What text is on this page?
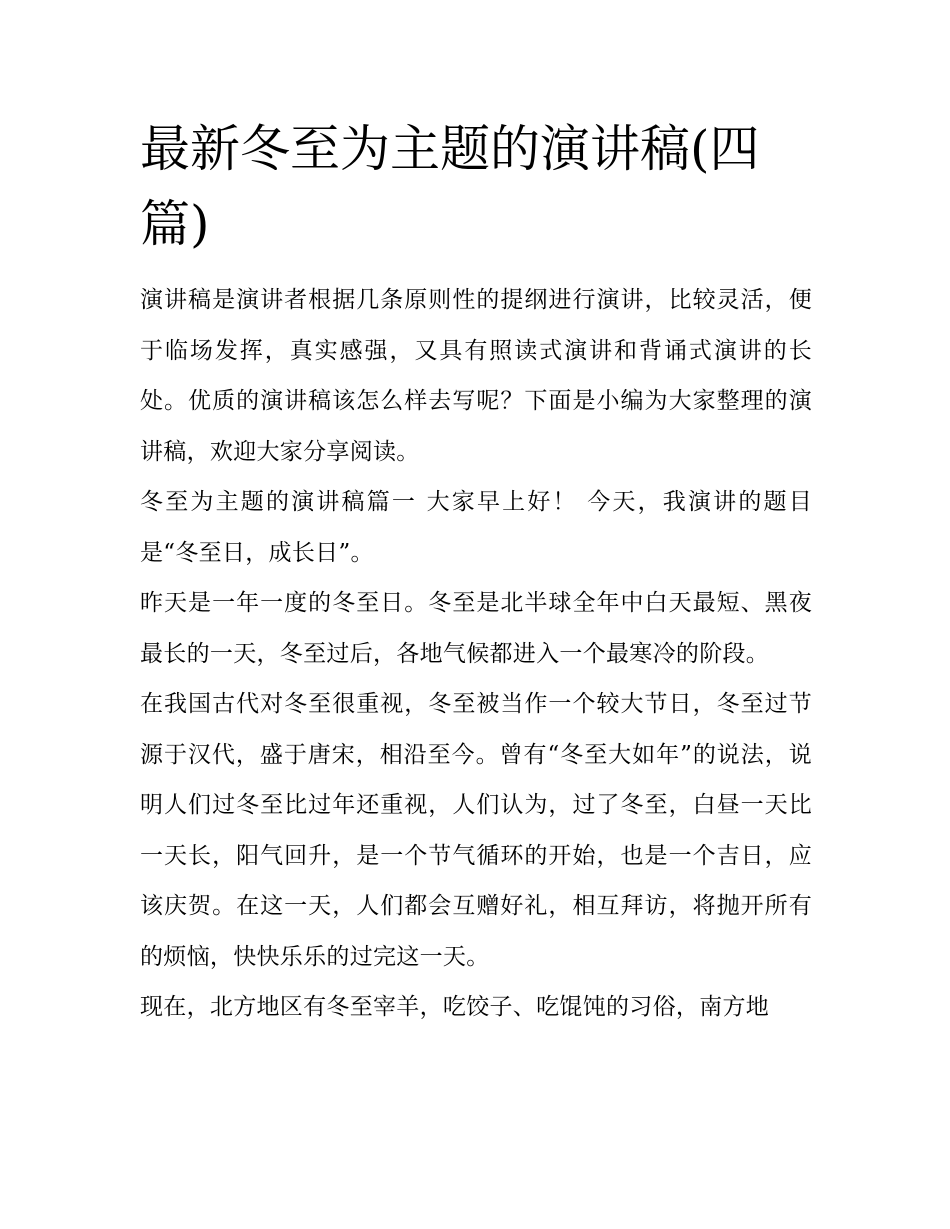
最新冬至为主题的演讲稿(四篇)

演讲稿是演讲者根据几条原则性的提纲进行演讲，比较灵活，便于临场发挥，真实感强，又具有照读式演讲和背诵式演讲的长处。优质的演讲稿该怎么样去写呢？下面是小编为大家整理的演讲稿，欢迎大家分享阅读。

冬至为主题的演讲稿篇一 大家早上好！ 今天，我演讲的题目是“冬至日，成长日”。

昨天是一年一度的冬至日。冬至是北半球全年中白天最短、黑夜最长的一天，冬至过后，各地气候都进入一个最寒冷的阶段。

在我国古代对冬至很重视，冬至被当作一个较大节日，冬至过节源于汉代，盛于唐宋，相沿至今。曾有“冬至大如年”的说法，说明人们过冬至比过年还重视，人们认为，过了冬至，白昼一天比一天长，阳气回升，是一个节气循环的开始，也是一个吉日，应该庆贺。在这一天，人们都会互赠好礼，相互拜访，将抛开所有的烦恼，快快乐乐的过完这一天。

现在，北方地区有冬至宰羊，吃饺子、吃馄饨的习俗，南方地
